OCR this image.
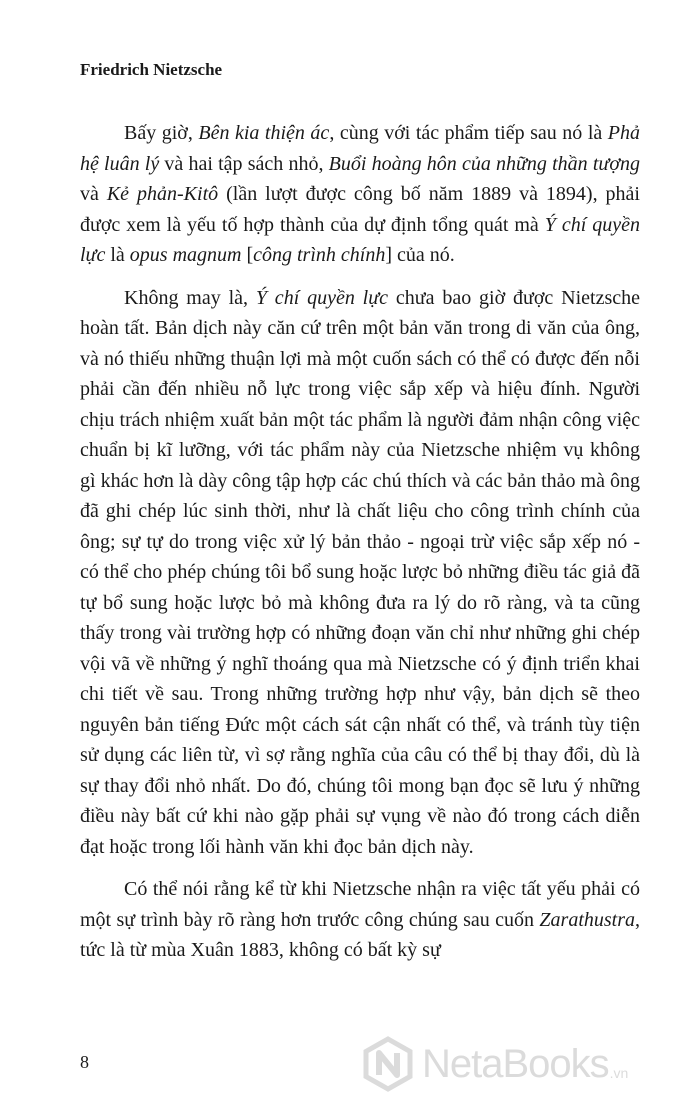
Friedrich Nietzsche

Bấy giờ, Bên kia thiện ác, cùng với tác phẩm tiếp sau nó là Phả hệ luân lý và hai tập sách nhỏ, Buổi hoàng hôn của những thần tượng và Kẻ phản-Kitô (lần lượt được công bố năm 1889 và 1894), phải được xem là yếu tố hợp thành của dự định tổng quát mà Ý chí quyền lực là opus magnum [công trình chính] của nó.

Không may là, Ý chí quyền lực chưa bao giờ được Nietzsche hoàn tất. Bản dịch này căn cứ trên một bản văn trong di văn của ông, và nó thiếu những thuận lợi mà một cuốn sách có thể có được đến nỗi phải cần đến nhiều nỗ lực trong việc sắp xếp và hiệu đính. Người chịu trách nhiệm xuất bản một tác phẩm là người đảm nhận công việc chuẩn bị kĩ lưỡng, với tác phẩm này của Nietzsche nhiệm vụ không gì khác hơn là dày công tập hợp các chú thích và các bản thảo mà ông đã ghi chép lúc sinh thời, như là chất liệu cho công trình chính của ông; sự tự do trong việc xử lý bản thảo - ngoại trừ việc sắp xếp nó - có thể cho phép chúng tôi bổ sung hoặc lược bỏ những điều tác giả đã tự bổ sung hoặc lược bỏ mà không đưa ra lý do rõ ràng, và ta cũng thấy trong vài trường hợp có những đoạn văn chỉ như những ghi chép vội vã về những ý nghĩ thoáng qua mà Nietzsche có ý định triển khai chi tiết về sau. Trong những trường hợp như vậy, bản dịch sẽ theo nguyên bản tiếng Đức một cách sát cận nhất có thể, và tránh tùy tiện sử dụng các liên từ, vì sợ rằng nghĩa của câu có thể bị thay đổi, dù là sự thay đổi nhỏ nhất. Do đó, chúng tôi mong bạn đọc sẽ lưu ý những điều này bất cứ khi nào gặp phải sự vụng về nào đó trong cách diễn đạt hoặc trong lối hành văn khi đọc bản dịch này.

Có thể nói rằng kể từ khi Nietzsche nhận ra việc tất yếu phải có một sự trình bày rõ ràng hơn trước công chúng sau cuốn Zarathustra, tức là từ mùa Xuân 1883, không có bất kỳ sự

8	NetaBooks .vn
